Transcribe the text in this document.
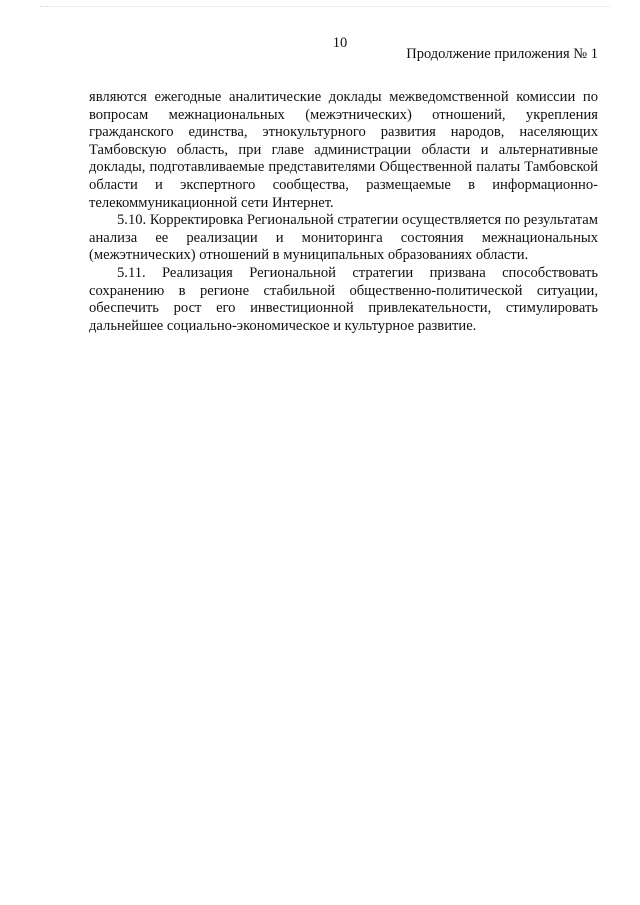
10
Продолжение приложения № 1

являются ежегодные аналитические доклады межведомственной комиссии по вопросам межнациональных (межэтнических) отношений, укрепления гражданского единства, этнокультурного развития народов, населяющих Тамбовскую область, при главе администрации области и альтернативные доклады, подготавливаемые представителями Общественной палаты Тамбовской области и экспертного сообщества, размещаемые в информационно-телекоммуникационной сети Интернет.

5.10. Корректировка Региональной стратегии осуществляется по результатам анализа ее реализации и мониторинга состояния межнациональных (межэтнических) отношений в муниципальных образованиях области.

5.11. Реализация Региональной стратегии призвана способствовать сохранению в регионе стабильной общественно-политической ситуации, обеспечить рост его инвестиционной привлекательности, стимулировать дальнейшее социально-экономическое и культурное развитие.
